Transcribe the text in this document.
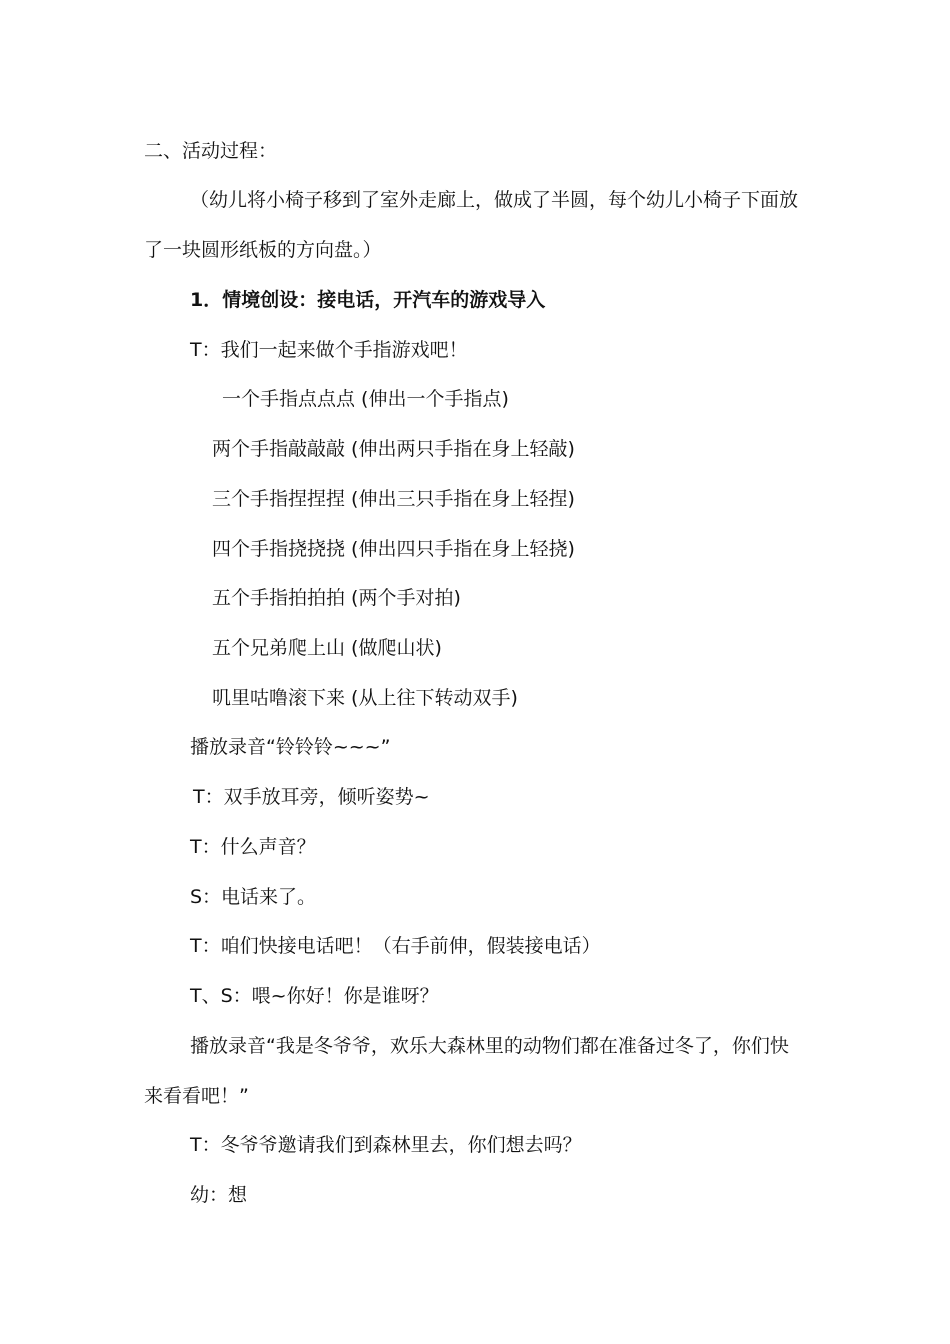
二、活动过程：
（幼儿将小椅子移到了室外走廊上，做成了半圆，每个幼儿小椅子下面放
了一块圆形纸板的方向盘。）
1．情境创设：接电话，开汽车的游戏导入
T：我们一起来做个手指游戏吧！
一个手指点点点 (伸出一个手指点)
两个手指敲敲敲 (伸出两只手指在身上轻敲)
三个手指捏捏捏 (伸出三只手指在身上轻捏)
四个手指挠挠挠 (伸出四只手指在身上轻挠)
五个手指拍拍拍 (两个手对拍)
五个兄弟爬上山 (做爬山状)
叽里咕噜滚下来 (从上往下转动双手)
播放录音“铃铃铃~~~”
T：双手放耳旁，倾听姿势~
T：什么声音？
S：电话来了。
T：咱们快接电话吧！（右手前伸，假装接电话）
T、S：喂~你好！你是谁呀？
播放录音“我是冬爷爷，欢乐大森林里的动物们都在准备过冬了，你们快
来看看吧！”
T：冬爷爷邀请我们到森林里去，你们想去吗？
幼：想
